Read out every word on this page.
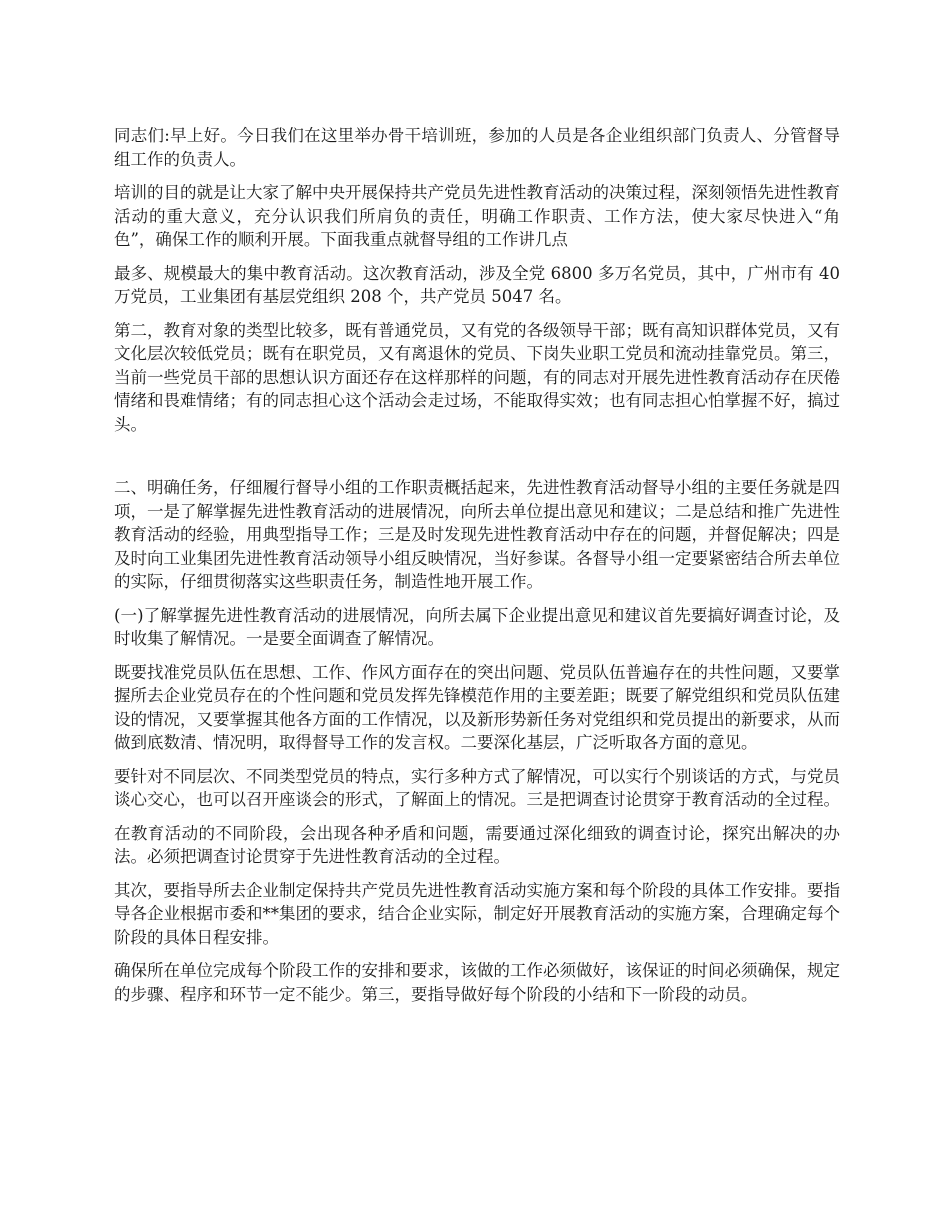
同志们:早上好。今日我们在这里举办骨干培训班，参加的人员是各企业组织部门负责人、分管督导组工作的负责人。

培训的目的就是让大家了解中央开展保持共产党员先进性教育活动的决策过程，深刻领悟先进性教育活动的重大意义，充分认识我们所肩负的责任，明确工作职责、工作方法，使大家尽快进入“角色”，确保工作的顺利开展。下面我重点就督导组的工作讲几点

最多、规模最大的集中教育活动。这次教育活动，涉及全党 6800 多万名党员，其中，广州市有 40 万党员，工业集团有基层党组织 208 个，共产党员 5047 名。

第二，教育对象的类型比较多，既有普通党员，又有党的各级领导干部；既有高知识群体党员，又有文化层次较低党员；既有在职党员，又有离退休的党员、下岗失业职工党员和流动挂靠党员。第三，当前一些党员干部的思想认识方面还存在这样那样的问题，有的同志对开展先进性教育活动存在厌倦情绪和畏难情绪；有的同志担心这个活动会走过场，不能取得实效；也有同志担心怕掌握不好，搞过头。

二、明确任务，仔细履行督导小组的工作职责概括起来，先进性教育活动督导小组的主要任务就是四项，一是了解掌握先进性教育活动的进展情况，向所去单位提出意见和建议；二是总结和推广先进性教育活动的经验，用典型指导工作；三是及时发现先进性教育活动中存在的问题，并督促解决；四是及时向工业集团先进性教育活动领导小组反映情况，当好参谋。各督导小组一定要紧密结合所去单位的实际，仔细贯彻落实这些职责任务，制造性地开展工作。

(一)了解掌握先进性教育活动的进展情况，向所去属下企业提出意见和建议首先要搞好调查讨论，及时收集了解情况。一是要全面调查了解情况。

既要找准党员队伍在思想、工作、作风方面存在的突出问题、党员队伍普遍存在的共性问题，又要掌握所去企业党员存在的个性问题和党员发挥先锋模范作用的主要差距；既要了解党组织和党员队伍建设的情况，又要掌握其他各方面的工作情况，以及新形势新任务对党组织和党员提出的新要求，从而做到底数清、情况明，取得督导工作的发言权。二要深化基层，广泛听取各方面的意见。

要针对不同层次、不同类型党员的特点，实行多种方式了解情况，可以实行个别谈话的方式，与党员谈心交心，也可以召开座谈会的形式，了解面上的情况。三是把调查讨论贯穿于教育活动的全过程。

在教育活动的不同阶段，会出现各种矛盾和问题，需要通过深化细致的调查讨论，探究出解决的办法。必须把调查讨论贯穿于先进性教育活动的全过程。

其次，要指导所去企业制定保持共产党员先进性教育活动实施方案和每个阶段的具体工作安排。要指导各企业根据市委和**集团的要求，结合企业实际，制定好开展教育活动的实施方案，合理确定每个阶段的具体日程安排。

确保所在单位完成每个阶段工作的安排和要求，该做的工作必须做好，该保证的时间必须确保，规定的步骤、程序和环节一定不能少。第三，要指导做好每个阶段的小结和下一阶段的动员。
